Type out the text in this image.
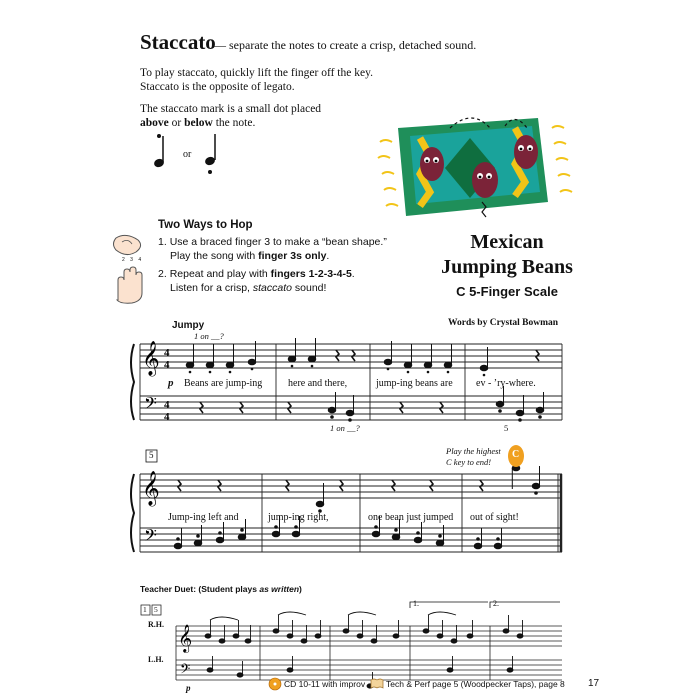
Staccato
— separate the notes to create a crisp, detached sound.
To play staccato, quickly lift the finger off the key.
Staccato is the opposite of legato.
The staccato mark is a small dot placed
above or below the note.
or
Two Ways to Hop
2 3 4
1. Use a braced finger 3 to make a “bean shape.”
Play the song with finger 3s only.
2. Repeat and play with fingers 1-2-3-4-5.
Listen for a crisp, staccato sound!
Mexican
Jumping Beans
C 5-Finger Scale
Jumpy	Words by Crystal Bowman
𝄞
𝄢
𝄞
𝄢
4
4
4
4
1 on __?
p Beans are jump-ing	here and there,	jump-ing beans are ev - ’ry-where.
1 on __?	5
5	Play the highest
C key to end!
C
Jump-ing left and	jump-ing right,	one bean just jumped out of sight!
Teacher Duet: (Student plays as written)
𝄞
𝄢
1 5
R.H.
L.H.
1.	2.
p	CD 10-11 with improv Tech & Perf page 5 (Woodpecker Taps), page 8 17
